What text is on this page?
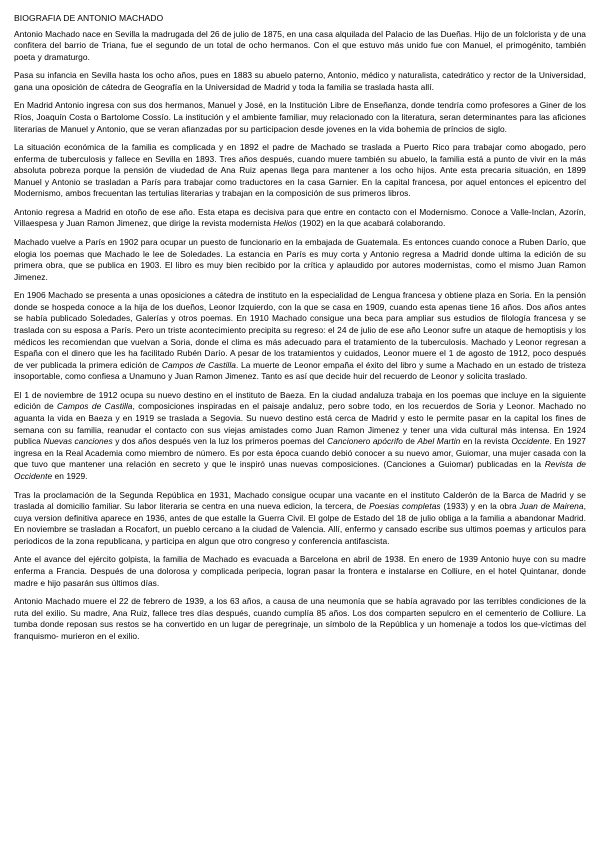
BIOGRAFIA DE ANTONIO MACHADO

Antonio Machado nace en Sevilla la madrugada del 26 de julio de 1875, en una casa alquilada del Palacio de las Dueñas. Hijo de un folclorista y de una confitera del barrio de Triana, fue el segundo de un total de ocho hermanos. Con el que estuvo más unido fue con Manuel, el primogénito, también poeta y dramaturgo.

Pasa su infancia en Sevilla hasta los ocho años, pues en 1883 su abuelo paterno, Antonio, médico y naturalista, catedrático y rector de la Universidad, gana una oposición de cátedra de Geografía en la Universidad de Madrid y toda la familia se traslada hasta allí.

En Madrid Antonio ingresa con sus dos hermanos, Manuel y José, en la Institución Libre de Enseñanza, donde tendría como profesores a Giner de los Ríos, Joaquín Costa o Bartolome Cossío. La institución y el ambiente familiar, muy relacionado con la literatura, seran determinantes para las aficiones literarias de Manuel y Antonio, que se veran afianzadas por su participacion desde jovenes en la vida bohemia de príncios de siglo.

La situación económica de la familia es complicada y en 1892 el padre de Machado se traslada a Puerto Rico para trabajar como abogado, pero enferma de tuberculosis y fallece en Sevilla en 1893. Tres años después, cuando muere también su abuelo, la familia está a punto de vivir en la más absoluta pobreza porque la pensión de viudedad de Ana Ruiz apenas llega para mantener a los ocho hijos. Ante esta precaria situación, en 1899 Manuel y Antonio se trasladan a París para trabajar como traductores en la casa Garnier. En la capital francesa, por aquel entonces el epicentro del Modernismo, ambos frecuentan las tertulias literarias y trabajan en la composición de sus primeros libros.

Antonio regresa a Madrid en otoño de ese año. Esta etapa es decisiva para que entre en contacto con el Modernismo. Conoce a Valle-Inclan, Azorín, Villaespesa y Juan Ramon Jimenez, que dirige la revista modernista Helios (1902) en la que acabará colaborando.

Machado vuelve a París en 1902 para ocupar un puesto de funcionario en la embajada de Guatemala. Es entonces cuando conoce a Ruben Darío, que elogia los poemas que Machado le lee de Soledades. La estancia en París es muy corta y Antonio regresa a Madrid donde ultima la edición de su primera obra, que se publica en 1903. El libro es muy bien recibido por la crítica y aplaudido por autores modernistas, como el mismo Juan Ramon Jimenez.

En 1906 Machado se presenta a unas oposiciones a cátedra de instituto en la especialidad de Lengua francesa y obtiene plaza en Soria. En la pensión donde se hospeda conoce a la hija de los dueños, Leonor Izquierdo, con la que se casa en 1909, cuando esta apenas tiene 16 años. Dos años antes se había publicado Soledades, Galerías y otros poemas. En 1910 Machado consigue una beca para ampliar sus estudios de filología francesa y se traslada con su esposa a París. Pero un triste acontecimiento precipita su regreso: el 24 de julio de ese año Leonor sufre un ataque de hemoptisis y los médicos les recomiendan que vuelvan a Soria, donde el clima es más adecuado para el tratamiento de la tuberculosis. Machado y Leonor regresan a España con el dinero que les ha facilitado Rubén Darío. A pesar de los tratamientos y cuidados, Leonor muere el 1 de agosto de 1912, poco después de ver publicada la primera edición de Campos de Castilla. La muerte de Leonor empaña el éxito del libro y sume a Machado en un estado de tristeza insoportable, como confiesa a Unamuno y Juan Ramon Jimenez. Tanto es así que decide huir del recuerdo de Leonor y solicita traslado.

El 1 de noviembre de 1912 ocupa su nuevo destino en el instituto de Baeza. En la ciudad andaluza trabaja en los poemas que incluye en la siguiente edición de Campos de Castilla, composiciones inspiradas en el paisaje andaluz, pero sobre todo, en los recuerdos de Soria y Leonor. Machado no aguanta la vida en Baeza y en 1919 se traslada a Segovia. Su nuevo destino está cerca de Madrid y esto le permite pasar en la capital los fines de semana con su familia, reanudar el contacto con sus viejas amistades como Juan Ramon Jimenez y tener una vida cultural más intensa. En 1924 publica Nuevas canciones y dos años después ven la luz los primeros poemas del Cancionero apócrifo de Abel Martin en la revista Occidente. En 1927 ingresa en la Real Academia como miembro de número. Es por esta época cuando debió conocer a su nuevo amor, Guiomar, una mujer casada con la que tuvo que mantener una relación en secreto y que le inspiró unas nuevas composiciones. (Canciones a Guiomar) publicadas en la Revista de Occidente en 1929.

Tras la proclamación de la Segunda República en 1931, Machado consigue ocupar una vacante en el instituto Calderón de la Barca de Madrid y se traslada al domicilio familiar. Su labor literaria se centra en una nueva edicion, la tercera, de Poesias completas (1933) y en la obra Juan de Mairena, cuya version definitiva aparece en 1936, antes de que estalle la Guerra Civil. El golpe de Estado del 18 de julio obliga a la familia a abandonar Madrid. En noviembre se trasladan a Rocafort, un pueblo cercano a la ciudad de Valencia. Allí, enfermo y cansado escribe sus ultimos poemas y articulos para periodicos de la zona republicana, y participa en algun que otro congreso y conferencia antifascista.

Ante el avance del ejército golpista, la familia de Machado es evacuada a Barcelona en abril de 1938. En enero de 1939 Antonio huye con su madre enferma a Francia. Después de una dolorosa y complicada peripecia, logran pasar la frontera e instalarse en Colliure, en el hotel Quintanar, donde madre e hijo pasarán sus últimos días.

Antonio Machado muere el 22 de febrero de 1939, a los 63 años, a causa de una neumonía que se había agravado por las terribles condiciones de la ruta del exilio. Su madre, Ana Ruiz, fallece tres días después, cuando cumplía 85 años. Los dos comparten sepulcro en el cementerio de Colliure. La tumba donde reposan sus restos se ha convertido en un lugar de peregrinaje, un símbolo de la República y un homenaje a todos los que-víctimas del franquismo- murieron en el exilio.
